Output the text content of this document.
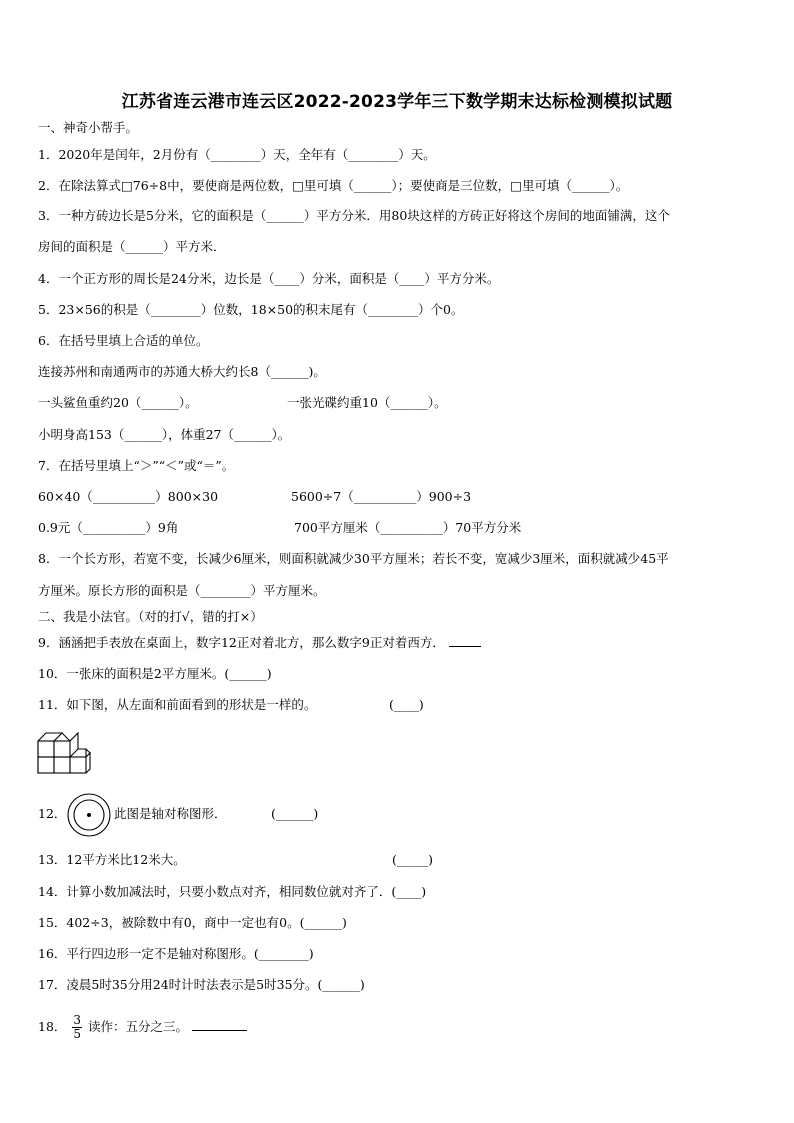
江苏省连云港市连云区2022-2023学年三下数学期末达标检测模拟试题
一、神奇小帮手。
1．2020年是闰年，2月份有（________）天，全年有（________）天。
2．在除法算式□76÷8中，要使商是两位数，□里可填（______）；要使商是三位数，□里可填（______）。
3．一种方砖边长是5分米，它的面积是（______）平方分米．用80块这样的方砖正好将这个房间的地面铺满，这个
房间的面积是（______）平方米．
4．一个正方形的周长是24分米，边长是（____）分米，面积是（____）平方分米。
5．23×56的积是（________）位数，18×50的积末尾有（________）个0。
6．在括号里填上合适的单位。
连接苏州和南通两市的苏通大桥大约长8（______)。
一头鲨鱼重约20（______）。	一张光碟约重10（______）。
小明身高153（______），体重27（______）。
7．在括号里填上“＞”“＜”或“＝”。
60×40（__________）800×30	5600÷7（__________）900÷3
0.9元（__________）9角	700平方厘米（__________）70平方分米
8．一个长方形，若宽不变，长减少6厘米，则面积就减少30平方厘米；若长不变，宽减少3厘米，面积就减少45平
方厘米。原长方形的面积是（________）平方厘米。
二、我是小法官。（对的打√，错的打×）
9．涵涵把手表放在桌面上，数字12正对着北方，那么数字9正对着西方．
10．一张床的面积是2平方厘米。(______)
11．如下图，从左面和前面看到的形状是一样的。	(____)
12．	此图是轴对称图形．	(______)
13．12平方米比12米大。	(_____)
14．计算小数加减法时，只要小数点对齐，相同数位就对齐了．(____)
15．402÷3，被除数中有0，商中一定也有0。(______)
16．平行四边形一定不是轴对称图形。(________)
17．凌晨5时35分用24时计时法表示是5时35分。(______)
18． $\frac{3}{5}$ 读作：五分之三。
